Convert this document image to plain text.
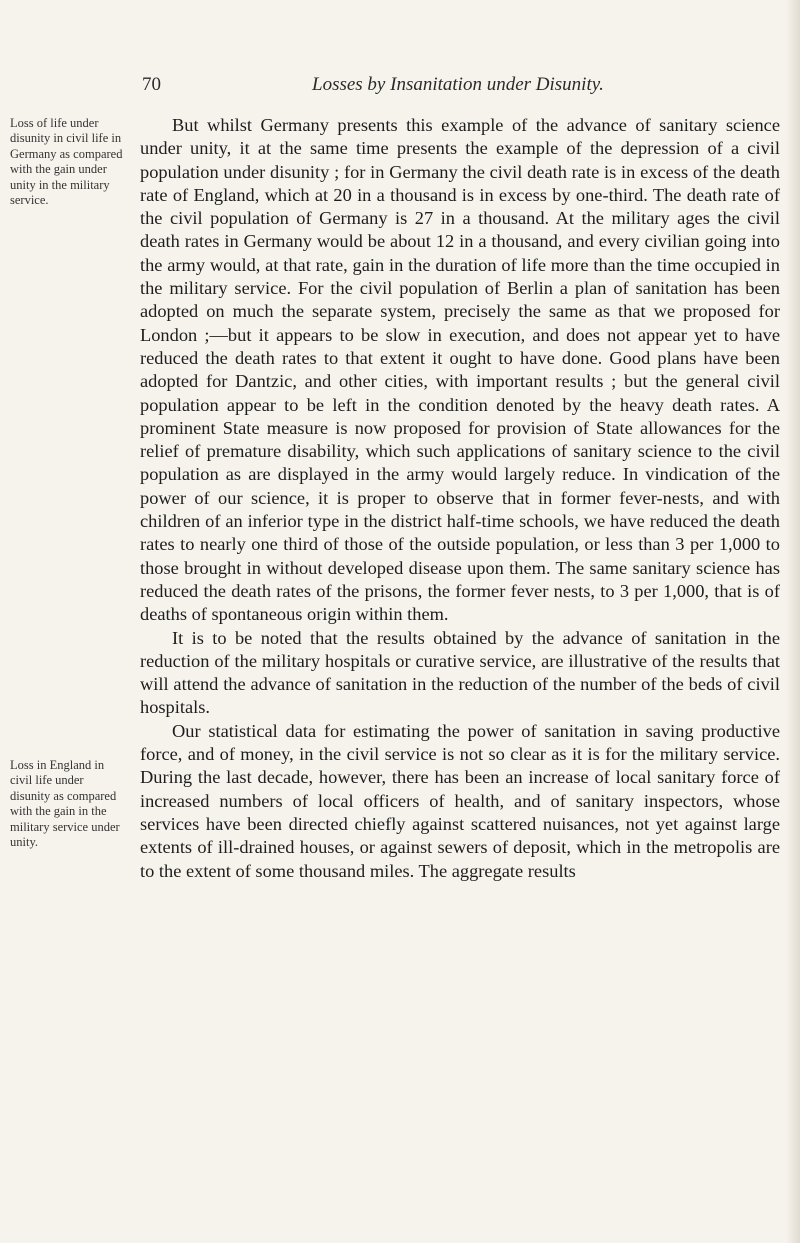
70	Losses by Insanitation under Disunity.
Loss of life under disunity in civil life in Germany as compared with the gain under unity in the military service.
Loss in England in civil life under disunity as compared with the gain in the military service under unity.

But whilst Germany presents this example of the advance of sanitary science under unity, it at the same time presents the example of the depression of a civil population under disunity ; for in Germany the civil death rate is in excess of the death rate of England, which at 20 in a thousand is in excess by one-third. The death rate of the civil population of Germany is 27 in a thousand. At the military ages the civil death rates in Germany would be about 12 in a thousand, and every civilian going into the army would, at that rate, gain in the duration of life more than the time occupied in the military service. For the civil population of Berlin a plan of sanitation has been adopted on much the separate system, precisely the same as that we proposed for London ;—but it appears to be slow in execution, and does not appear yet to have reduced the death rates to that extent it ought to have done. Good plans have been adopted for Dantzic, and other cities, with important results ; but the general civil population appear to be left in the condition denoted by the heavy death rates. A prominent State measure is now proposed for provision of State allowances for the relief of premature disability, which such applications of sanitary science to the civil population as are displayed in the army would largely reduce. In vindication of the power of our science, it is proper to observe that in former fever-nests, and with children of an inferior type in the district half-time schools, we have reduced the death rates to nearly one third of those of the outside population, or less than 3 per 1,000 to those brought in without developed disease upon them. The same sanitary science has reduced the death rates of the prisons, the former fever nests, to 3 per 1,000, that is of deaths of spontaneous origin within them.

It is to be noted that the results obtained by the advance of sanitation in the reduction of the military hospitals or curative service, are illustrative of the results that will attend the advance of sanitation in the reduction of the number of the beds of civil hospitals.

Our statistical data for estimating the power of sanitation in saving productive force, and of money, in the civil service is not so clear as it is for the military service. During the last decade, however, there has been an increase of local sanitary force of increased numbers of local officers of health, and of sanitary inspectors, whose services have been directed chiefly against scattered nuisances, not yet against large extents of ill-drained houses, or against sewers of deposit, which in the metropolis are to the extent of some thousand miles. The aggregate results
